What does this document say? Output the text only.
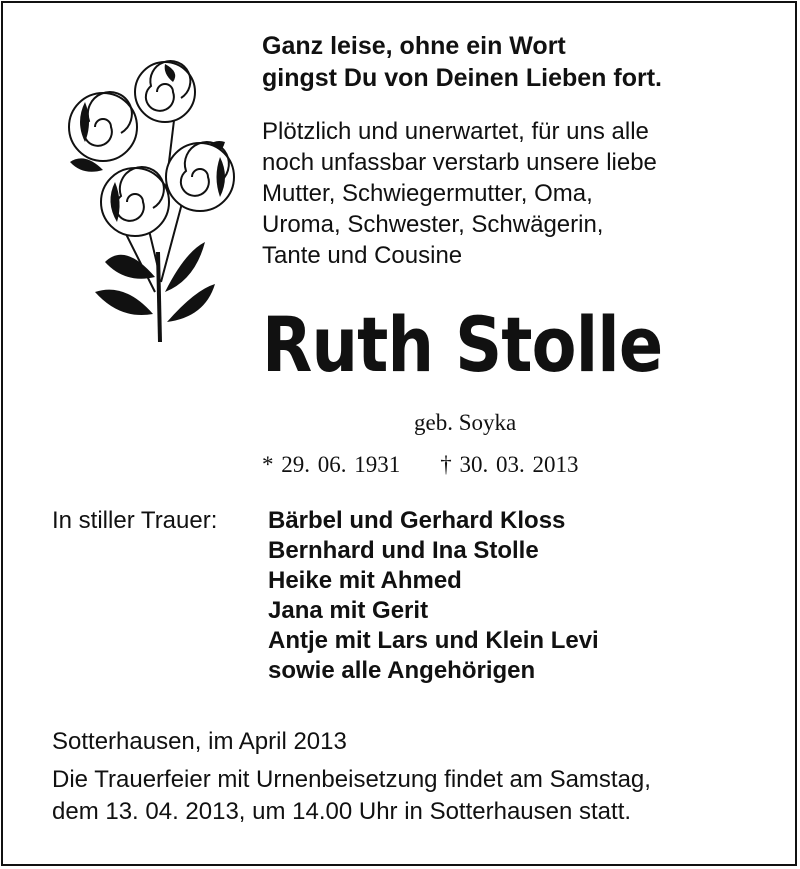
Ganz leise, ohne ein Wort
gingst Du von Deinen Lieben fort.
Plötzlich und unerwartet, für uns alle
noch unfassbar verstarb unsere liebe
Mutter, Schwiegermutter, Oma,
Uroma, Schwester, Schwägerin,
Tante und Cousine
Ruth Stolle
geb. Soyka
* 29. 06. 1931 † 30. 03. 2013
In stiller Trauer: Bärbel und Gerhard Kloss
Bernhard und Ina Stolle
Heike mit Ahmed
Jana mit Gerit
Antje mit Lars und Klein Levi
sowie alle Angehörigen
Sotterhausen, im April 2013
Die Trauerfeier mit Urnenbeisetzung findet am Samstag,
dem 13. 04. 2013, um 14.00 Uhr in Sotterhausen statt.
